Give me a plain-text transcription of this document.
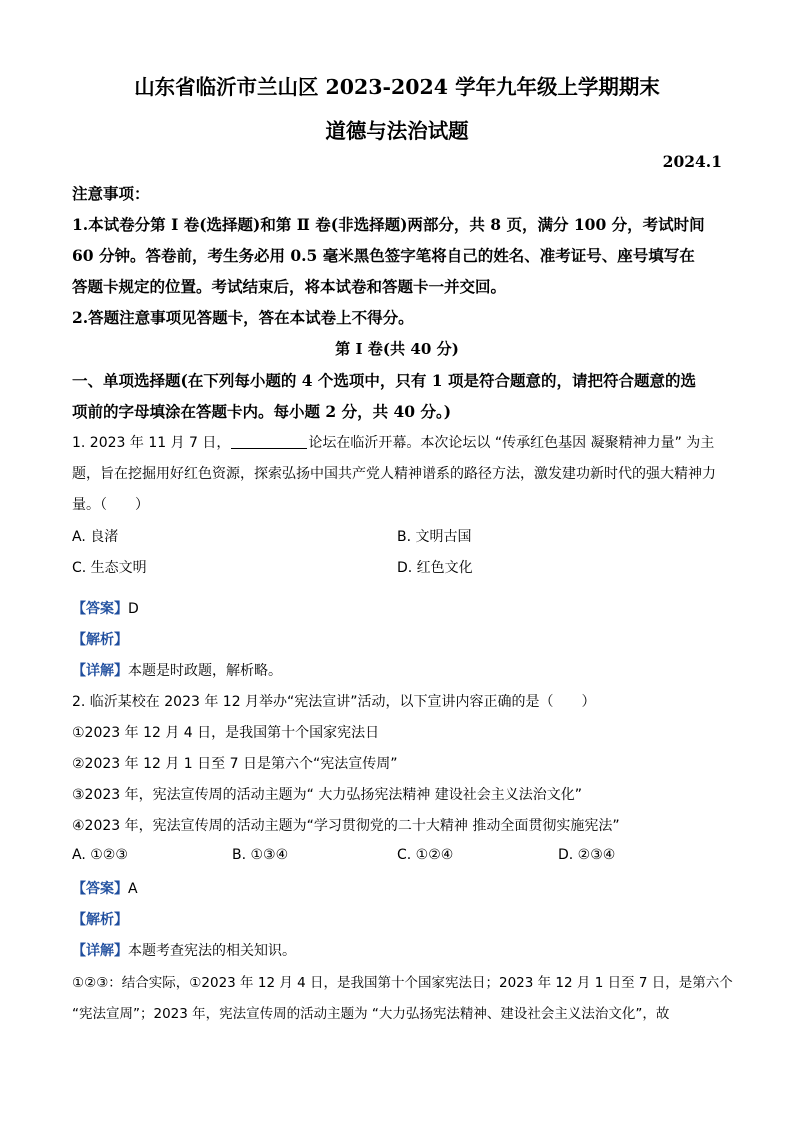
山东省临沂市兰山区 2023-2024 学年九年级上学期期末
道德与法治试题
2024.1
注意事项：
1.本试卷分第 Ⅰ 卷(选择题)和第 Ⅱ 卷(非选择题)两部分，共 8 页，满分 100 分，考试时间
60 分钟。答卷前，考生务必用 0.5 毫米黑色签字笔将自己的姓名、准考证号、座号填写在
答题卡规定的位置。考试结束后，将本试卷和答题卡一并交回。
2.答题注意事项见答题卡，答在本试卷上不得分。
第 Ⅰ 卷(共 40 分)
一、单项选择题(在下列每小题的 4 个选项中，只有 1 项是符合题意的，请把符合题意的选
项前的字母填涂在答题卡内。每小题 2 分，共 40 分。)
1. 2023 年 11 月 7 日，	论坛在临沂开幕。本次论坛以 “传承红色基因 凝聚精神力量” 为主
题，旨在挖掘用好红色资源，探索弘扬中国共产党人精神谱系的路径方法，激发建功新时代的强大精神力
量。（　　）
A. 良渚	B. 文明古国
C. 生态文明	D. 红色文化
【答案】D
【解析】
【详解】本题是时政题，解析略。
2. 临沂某校在 2023 年 12 月举办“宪法宣讲”活动，以下宣讲内容正确的是（　　）
①2023 年 12 月 4 日，是我国第十个国家宪法日
②2023 年 12 月 1 日至 7 日是第六个“宪法宣传周”
③2023 年，宪法宣传周的活动主题为“ 大力弘扬宪法精神 建设社会主义法治文化”
④2023 年，宪法宣传周的活动主题为“学习贯彻党的二十大精神 推动全面贯彻实施宪法”
A. ①②③	B. ①③④	C. ①②④	D. ②③④
【答案】A
【解析】
【详解】本题考查宪法的相关知识。
①②③：结合实际，①2023 年 12 月 4 日，是我国第十个国家宪法日；2023 年 12 月 1 日至 7 日，是第六个
“宪法宣周”；2023 年，宪法宣传周的活动主题为 “大力弘扬宪法精神、建设社会主义法治文化”，故
